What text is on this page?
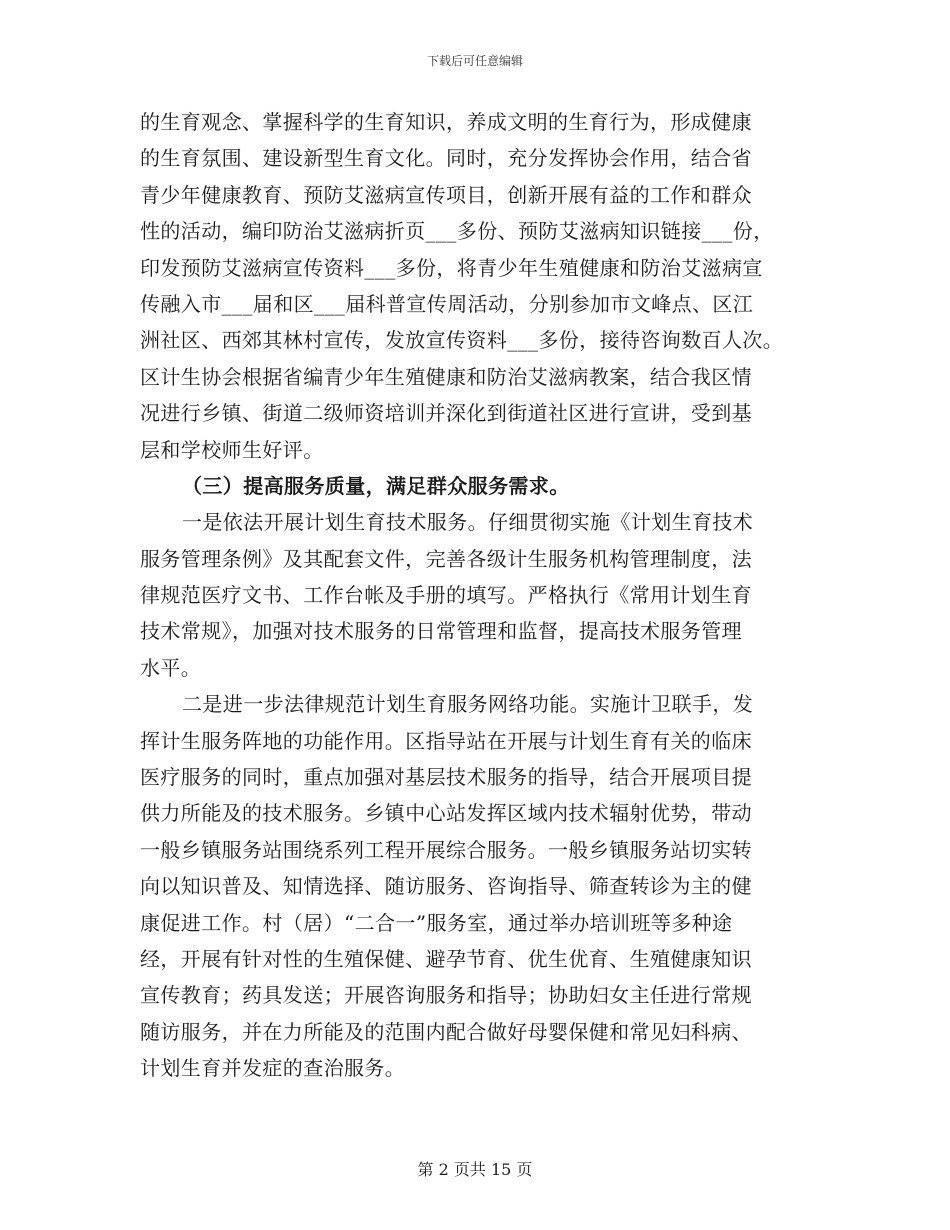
下载后可任意编辑
的生育观念、掌握科学的生育知识，养成文明的生育行为，形成健康
的生育氛围、建设新型生育文化。同时，充分发挥协会作用，结合省
青少年健康教育、预防艾滋病宣传项目，创新开展有益的工作和群众
性的活动，编印防治艾滋病折页___多份、预防艾滋病知识链接___份，
印发预防艾滋病宣传资料___多份，将青少年生殖健康和防治艾滋病宣
传融入市___届和区___届科普宣传周活动，分别参加市文峰点、区江
洲社区、西郊其林村宣传，发放宣传资料___多份，接待咨询数百人次。
区计生协会根据省编青少年生殖健康和防治艾滋病教案，结合我区情
况进行乡镇、街道二级师资培训并深化到街道社区进行宣讲，受到基
层和学校师生好评。
（三）提高服务质量，满足群众服务需求。
一是依法开展计划生育技术服务。仔细贯彻实施《计划生育技术
服务管理条例》及其配套文件，完善各级计生服务机构管理制度，法
律规范医疗文书、工作台帐及手册的填写。严格执行《常用计划生育
技术常规》，加强对技术服务的日常管理和监督，提高技术服务管理
水平。
二是进一步法律规范计划生育服务网络功能。实施计卫联手，发
挥计生服务阵地的功能作用。区指导站在开展与计划生育有关的临床
医疗服务的同时，重点加强对基层技术服务的指导，结合开展项目提
供力所能及的技术服务。乡镇中心站发挥区域内技术辐射优势，带动
一般乡镇服务站围绕系列工程开展综合服务。一般乡镇服务站切实转
向以知识普及、知情选择、随访服务、咨询指导、筛查转诊为主的健
康促进工作。村（居）“二合一”服务室，通过举办培训班等多种途
经，开展有针对性的生殖保健、避孕节育、优生优育、生殖健康知识
宣传教育；药具发送；开展咨询服务和指导；协助妇女主任进行常规
随访服务，并在力所能及的范围内配合做好母婴保健和常见妇科病、
计划生育并发症的查治服务。
第 2 页共 15 页
